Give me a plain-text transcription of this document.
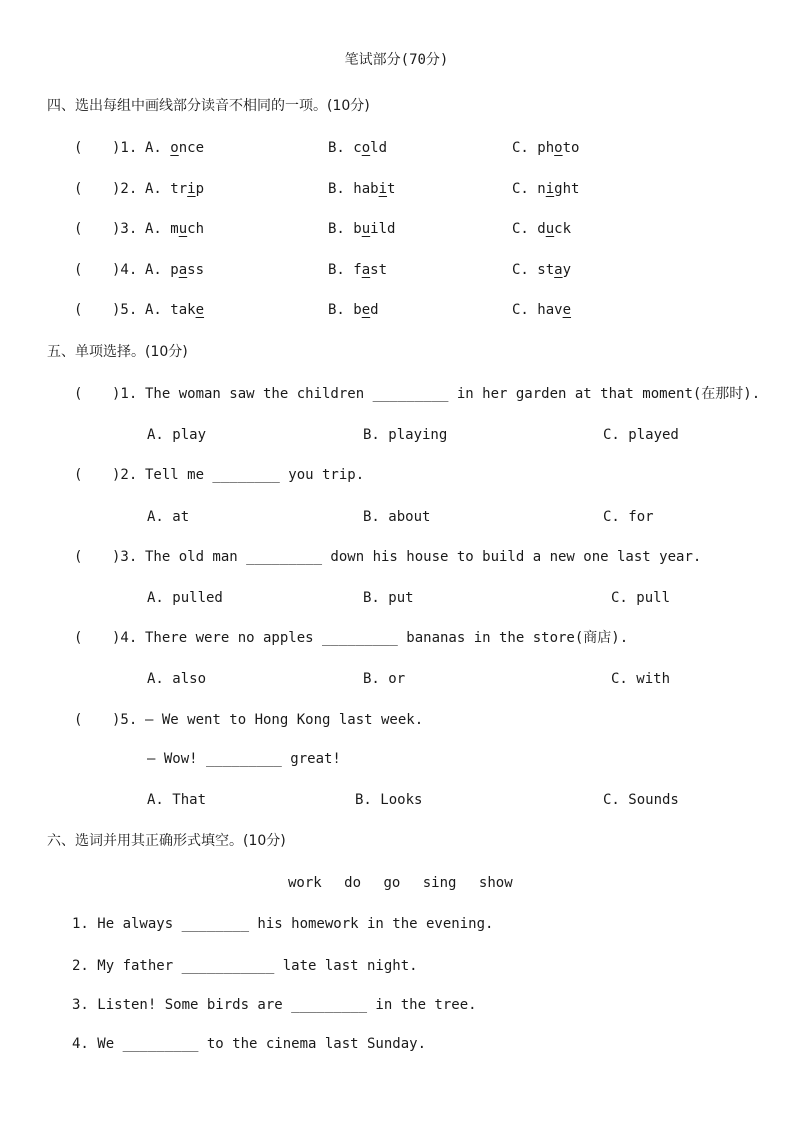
笔试部分(70分)
四、选出每组中画线部分读音不相同的一项。(10分)
( )1. A. once	B. cold	C. photo
( )2. A. trip	B. habit	C. night
( )3. A. much	B. build	C. duck
( )4. A. pass	B. fast	C. stay
( )5. A. take	B. bed	C. have
五、单项选择。(10分)
( )1. The woman saw the children _________ in her garden at that moment(在那时).
A. play	B. playing	C. played
( )2. Tell me ________ you trip.
A. at	B. about	C. for
( )3. The old man _________ down his house to build a new one last year.
A. pulled	B. put	C. pull
( )4. There were no apples _________ bananas in the store(商店).
A. also	B. or	C. with
( )5. — We went to Hong Kong last week.
— Wow! _________ great!
A. That	B. Looks	C. Sounds
六、选词并用其正确形式填空。(10分)
work do go sing show
1. He always ________ his homework in the evening.
2. My father ___________ late last night.
3. Listen! Some birds are _________ in the tree.
4. We _________ to the cinema last Sunday.
